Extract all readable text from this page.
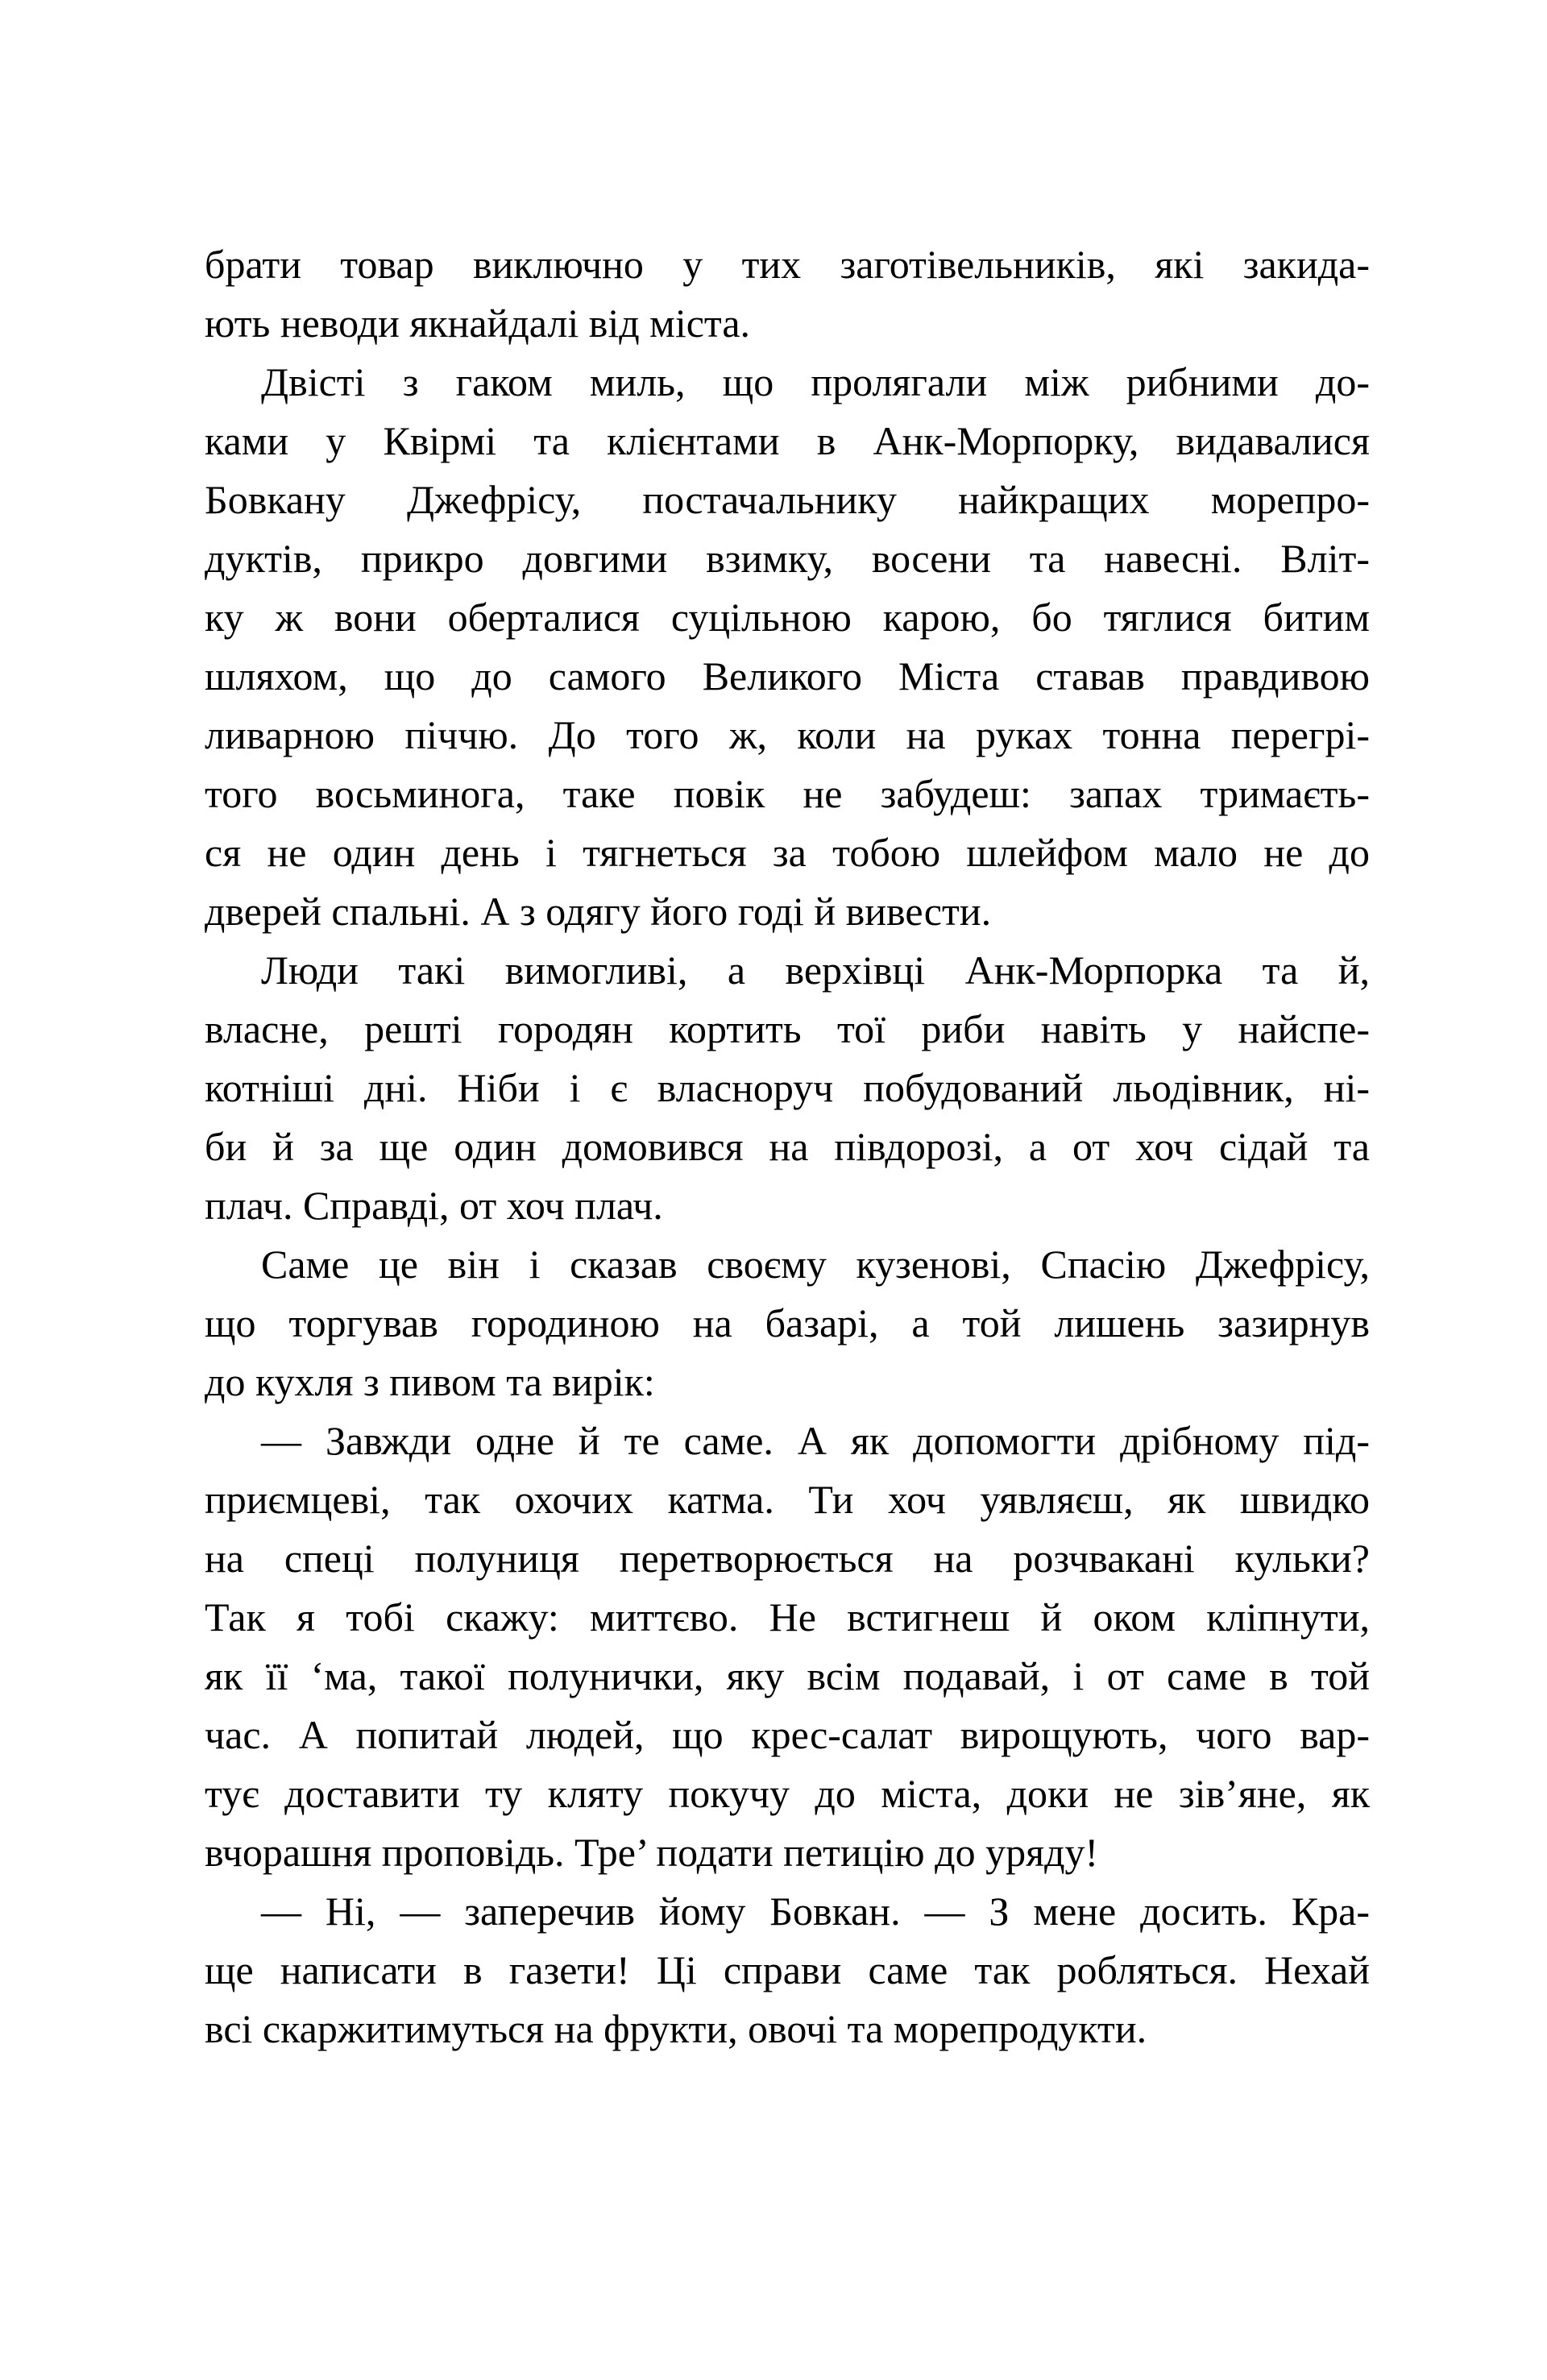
брати товар виключно у тих заготівельників, які закида-
ють неводи якнайдалі від міста.
Двісті з гаком миль, що пролягали між рибними до-
ками у Квірмі та клієнтами в Анк-Морпорку, видавалися
Бовкану Джефрісу, постачальнику найкращих морепро-
дуктів, прикро довгими взимку, восени та навесні. Вліт-
ку ж вони оберталися суцільною карою, бо тяглися битим
шляхом, що до самого Великого Міста ставав правдивою
ливарною піччю. До того ж, коли на руках тонна перегрі-
того восьминога, таке повік не забудеш: запах тримаєть-
ся не один день і тягнеться за тобою шлейфом мало не до
дверей спальні. А з одягу його годі й вивести.
Люди такі вимогливі, а верхівці Анк-Морпорка та й,
власне, решті городян кортить тої риби навіть у найспе-
котніші дні. Ніби і є власноруч побудований льодівник, ні-
би й за ще один домовився на півдорозі, а от хоч сідай та
плач. Справді, от хоч плач.
Саме це він і сказав своєму кузенові, Спасію Джефрісу,
що торгував городиною на базарі, а той лишень зазирнув
до кухля з пивом та вирік:
— Завжди одне й те саме. А як допомогти дрібному під-
приємцеві, так охочих катма. Ти хоч уявляєш, як швидко
на спеці полуниця перетворюється на розчвакані кульки?
Так я тобі скажу: миттєво. Не встигнеш й оком кліпнути,
як її ‘ма, такої полунички, яку всім подавай, і от саме в той
час. А попитай людей, що крес-салат вирощують, чого вар-
тує доставити ту кляту покучу до міста, доки не зів’яне, як
вчорашня проповідь. Тре’ подати петицію до уряду!
— Ні, — заперечив йому Бовкан. — З мене досить. Кра-
ще написати в газети! Ці справи саме так робляться. Нехай
всі скаржитимуться на фрукти, овочі та морепродукти.
